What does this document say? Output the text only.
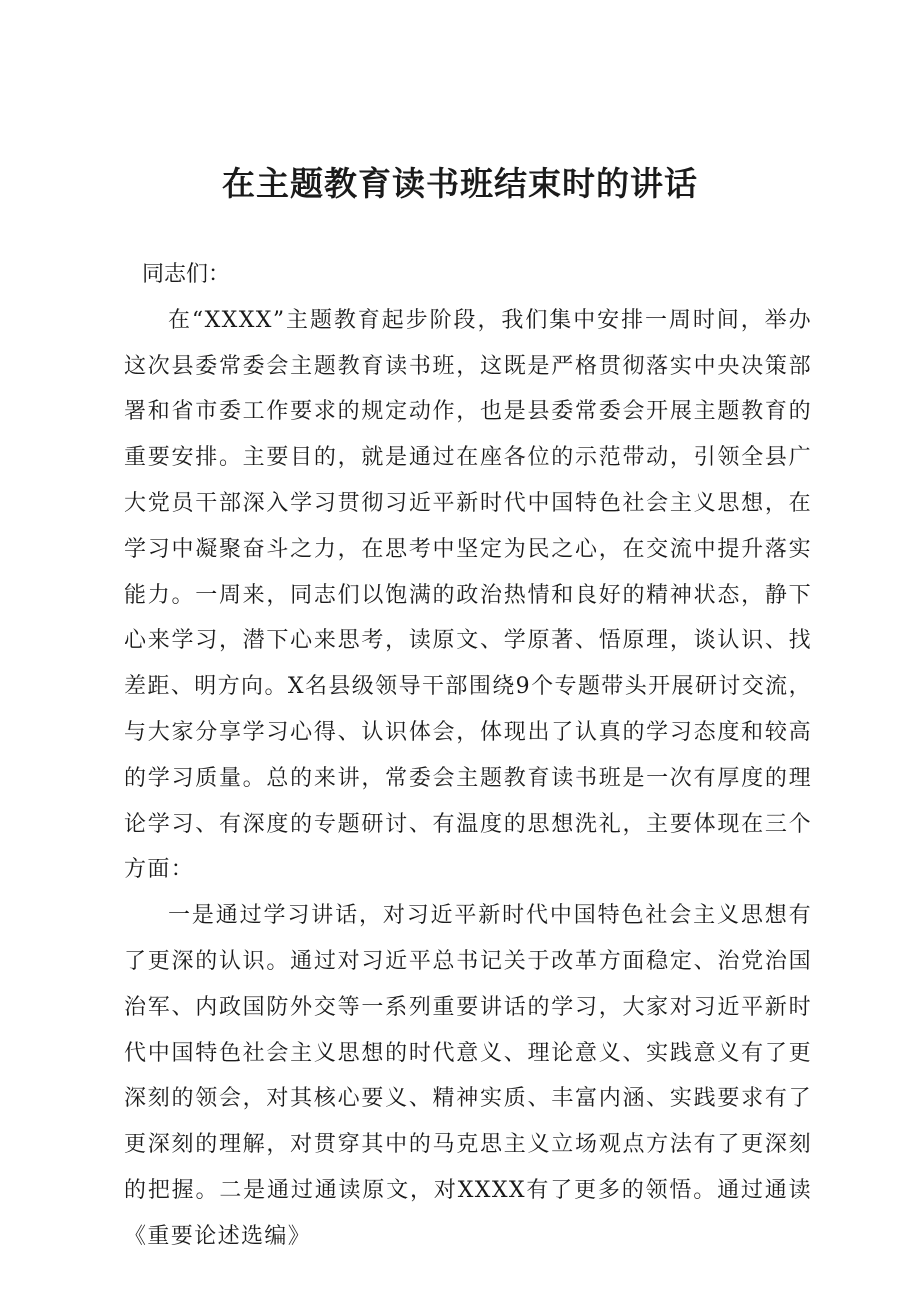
在主题教育读书班结束时的讲话

同志们：

在“XXXX”主题教育起步阶段，我们集中安排一周时间，举办这次县委常委会主题教育读书班，这既是严格贯彻落实中央决策部署和省市委工作要求的规定动作，也是县委常委会开展主题教育的重要安排。主要目的，就是通过在座各位的示范带动，引领全县广大党员干部深入学习贯彻习近平新时代中国特色社会主义思想，在学习中凝聚奋斗之力，在思考中坚定为民之心，在交流中提升落实能力。一周来，同志们以饱满的政治热情和良好的精神状态，静下心来学习，潜下心来思考，读原文、学原著、悟原理，谈认识、找差距、明方向。X名县级领导干部围绕9个专题带头开展研讨交流，与大家分享学习心得、认识体会，体现出了认真的学习态度和较高的学习质量。总的来讲，常委会主题教育读书班是一次有厚度的理论学习、有深度的专题研讨、有温度的思想洗礼，主要体现在三个方面：

一是通过学习讲话，对习近平新时代中国特色社会主义思想有了更深的认识。通过对习近平总书记关于改革方面稳定、治党治国治军、内政国防外交等一系列重要讲话的学习，大家对习近平新时代中国特色社会主义思想的时代意义、理论意义、实践意义有了更深刻的领会，对其核心要义、精神实质、丰富内涵、实践要求有了更深刻的理解，对贯穿其中的马克思主义立场观点方法有了更深刻的把握。二是通过通读原文，对XXXX有了更多的领悟。通过通读《重要论述选编》
